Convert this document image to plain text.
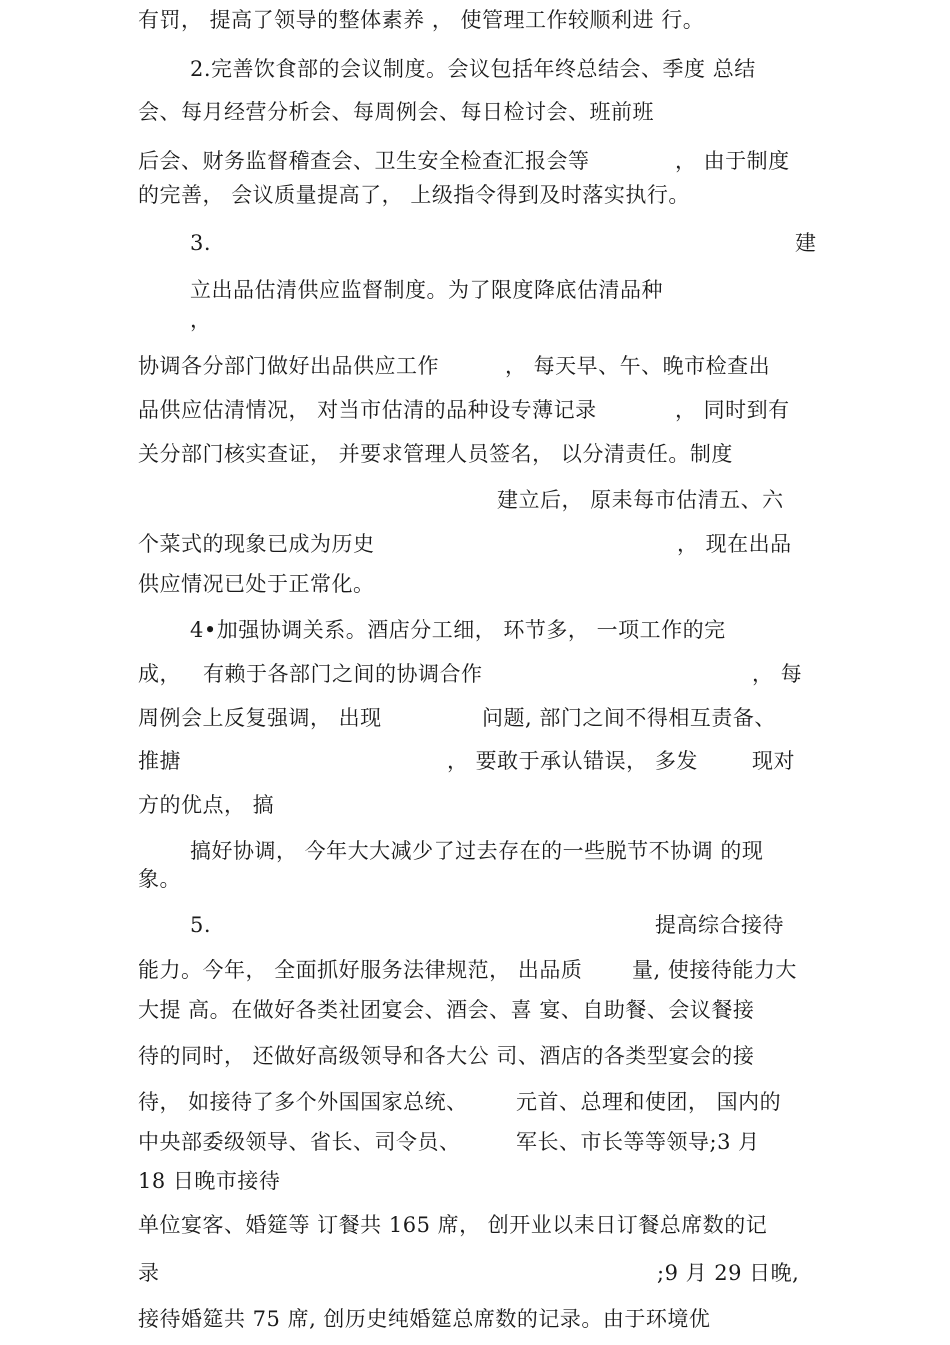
有罚， 提高了领导的整体素养 ， 使管理工作较顺利进 行。
2.完善饮食部的会议制度。会议包括年终总结会、季度 总结
会、每月经营分析会、每周例会、每日检讨会、班前班
后会、财务监督稽查会、卫生安全检查汇报会等	， 由于制度
的完善， 会议质量提高了， 上级指令得到及时落实执行。
3.	建
立出品估清供应监督制度。为了限度降底估清品种
，
协调各分部门做好出品供应工作	， 每天早、午、晚市检查出
品供应估清情况， 对当市估清的品种设专薄记录	， 同时到有
关分部门核实查证， 并要求管理人员签名， 以分清责任。制度
建立后， 原耒每市估清五、六
个菜式的现象已成为历史	， 现在出品
供应情况已处于正常化。
4•加强协调关系。酒店分工细， 环节多， 一项工作的完
成， 有赖于各部门之间的协调合作	， 每
周例会上反复强调， 出现	问题, 部门之间不得相互责备、
推搪	， 要敢于承认错误， 多发	现对
方的优点， 搞
搞好协调， 今年大大减少了过去存在的一些脱节不协调 的现
象。
5.	提高综合接待
能力。今年， 全面抓好服务法律规范， 出品质 量, 使接待能力大
大提 高。在做好各类社团宴会、酒会、喜 宴、自助餐、会议餐接
待的同时， 还做好高级领导和各大公 司、酒店的各类型宴会的接
待， 如接待了多个外国国家总统、 元首、总理和使团， 国内的
中央部委级领导、省长、司令员、	军长、市长等等领导;3 月
18 日晚市接待
单位宴客、婚筵等 订餐共 165 席， 创开业以耒日订餐总席数的记
录	;9 月 29 日晚,
接待婚筵共 75 席, 创历史纯婚筵总席数的记录。由于环境优
